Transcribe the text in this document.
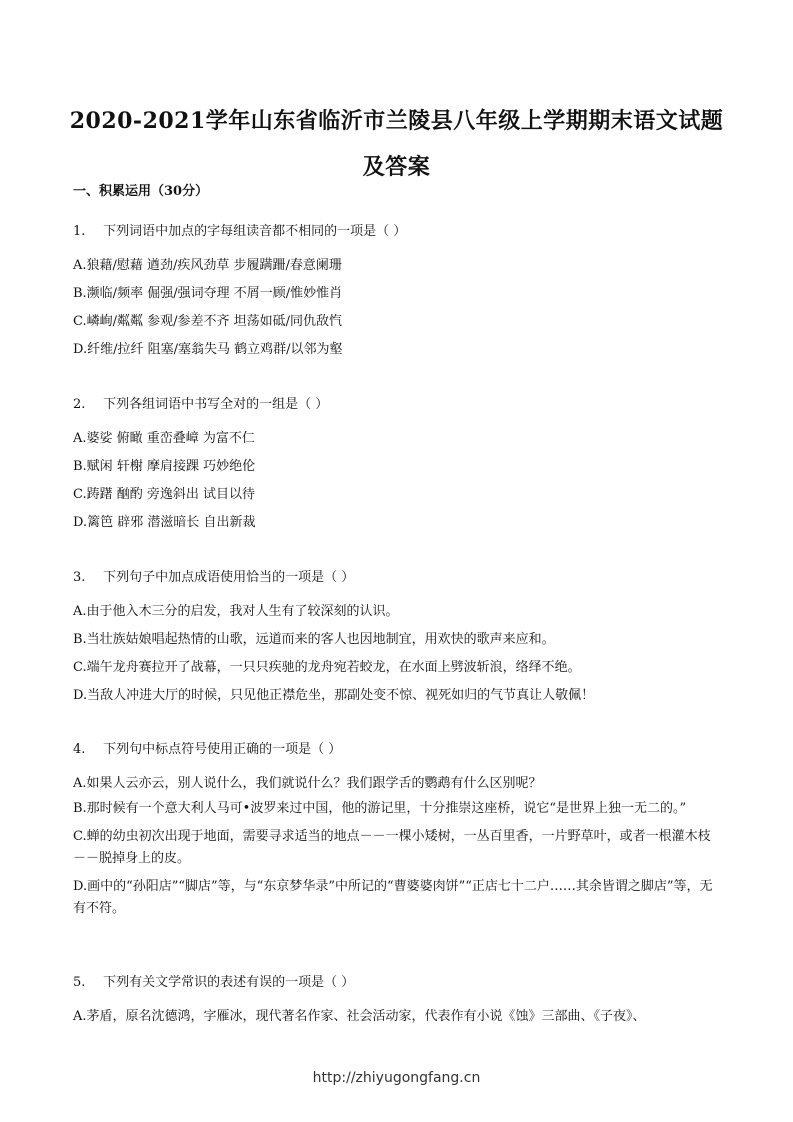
2020-2021学年山东省临沂市兰陵县八年级上学期期末语文试题及答案
一、积累运用（30分）
1. 下列词语中加点的字每组读音都不相同的一项是（ ）
A.狼藉/慰藉 遒劲/疾风劲草 步履蹒跚/春意阑珊
B.濒临/频率 倔强/强词夺理 不屑一顾/惟妙惟肖
C.嶙峋/粼粼 参观/参差不齐 坦荡如砥/同仇敌忾
D.纤维/拉纤 阻塞/塞翁失马 鹤立鸡群/以邻为壑
2. 下列各组词语中书写全对的一组是（ ）
A.婆娑 俯瞰 重峦叠嶂 为富不仁
B.赋闲 轩榭 摩肩接踝 巧妙绝伦
C.踌躇 酗酌 旁逸斜出 试目以待
D.篱笆 辟邪 潜滋暗长 自出新裁
3. 下列句子中加点成语使用恰当的一项是（ ）
A.由于他入木三分的启发，我对人生有了较深刻的认识。
B.当壮族姑娘唱起热情的山歌，远道而来的客人也因地制宜，用欢快的歌声来应和。
C.端午龙舟赛拉开了战幕，一只只疾驰的龙舟宛若蛟龙，在水面上劈波斩浪，络绎不绝。
D.当敌人冲进大厅的时候，只见他正襟危坐，那副处变不惊、视死如归的气节真让人敬佩！
4. 下列句中标点符号使用正确的一项是（ ）
A.如果人云亦云，别人说什么，我们就说什么？我们跟学舌的鹦鹉有什么区别呢？
B.那时候有一个意大利人马可•波罗来过中国，他的游记里，十分推崇这座桥，说它“是世界上独一无二的。”
C.蝉的幼虫初次出现于地面，需要寻求适当的地点－－一棵小矮树，一丛百里香，一片野草叶，或者一根灌木枝－－脱掉身上的皮。
D.画中的“孙阳店”“脚店”等，与“东京梦华录”中所记的“曹婆婆肉饼”“正店七十二户……其余皆谓之脚店”等，无有不符。
5. 下列有关文学常识的表述有误的一项是（ ）
A.茅盾，原名沈德鸿，字雁冰，现代著名作家、社会活动家，代表作有小说《蚀》三部曲、《子夜》、
http://zhiyugongfang.cn
